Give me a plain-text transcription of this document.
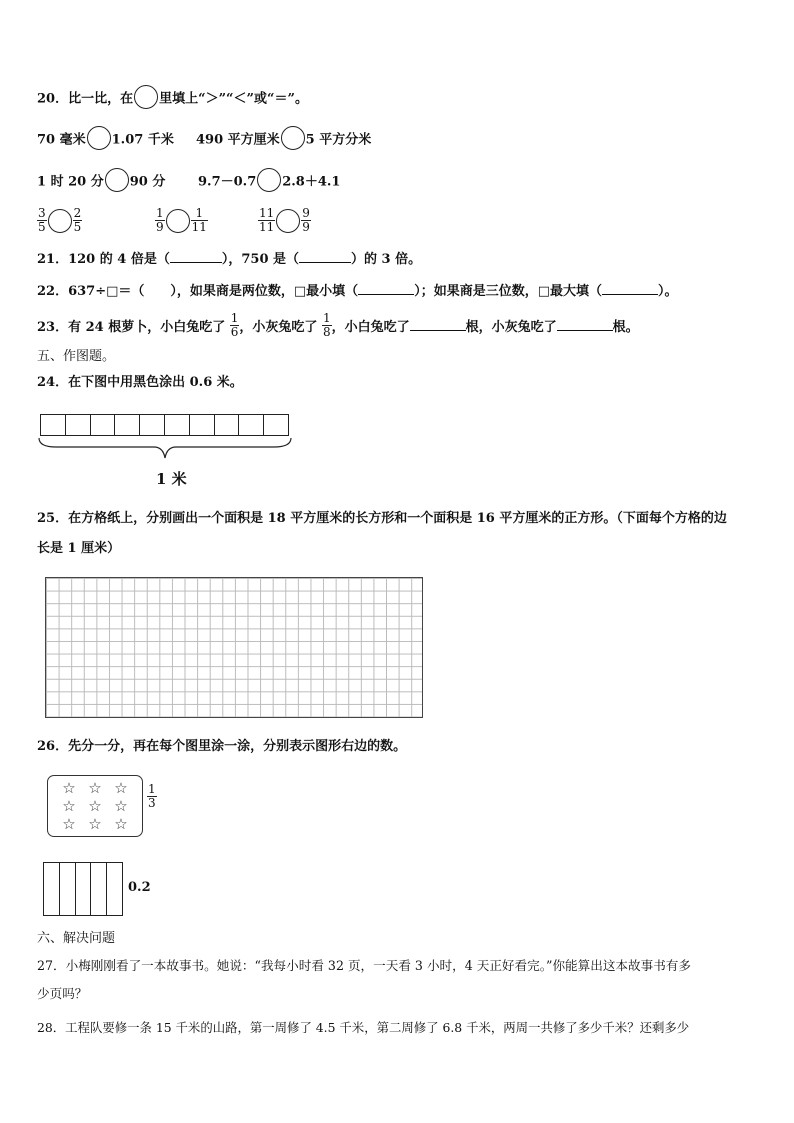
20．比一比，在 里填上“＞”“＜”或“＝”。
70 毫米 1.07 千米 490 平方厘米 5 平方分米
1 时 20 分 90 分	9.7－0.7 2.8＋4.1
$\frac{3}{5} \frac{2}{5}$	$\frac{1}{9} \frac{1}{11}$	$\frac{11}{11} \frac{9}{9}$
21．120 的 4 倍是（	），750 是（	）的 3 倍。
22．637÷□＝（　　），如果商是两位数，□最小填（	）；如果商是三位数，□最大填（	）。
23．有 24 根萝卜，小白兔吃了 $\frac{1}{6}$ ，小灰兔吃了 $\frac{1}{8}$ ，小白兔吃了	根，小灰兔吃了	根。
五、作图题。
24．在下图中用黑色涂出 0.6 米。
1 米
25．在方格纸上，分别画出一个面积是 18 平方厘米的长方形和一个面积是 16 平方厘米的正方形。（下面每个方格的边
长是 1 厘米）
26．先分一分，再在每个图里涂一涂，分别表示图形右边的数。
☆ ☆ ☆
☆ ☆ ☆
☆ ☆ ☆
$\frac{1}{3}$
0.2
六、解决问题
27．小梅刚刚看了一本故事书。她说：“我每小时看 32 页，一天看 3 小时，4 天正好看完。”你能算出这本故事书有多
少页吗？
28．工程队要修一条 15 千米的山路，第一周修了 4.5 千米，第二周修了 6.8 千米，两周一共修了多少千米？还剩多少
